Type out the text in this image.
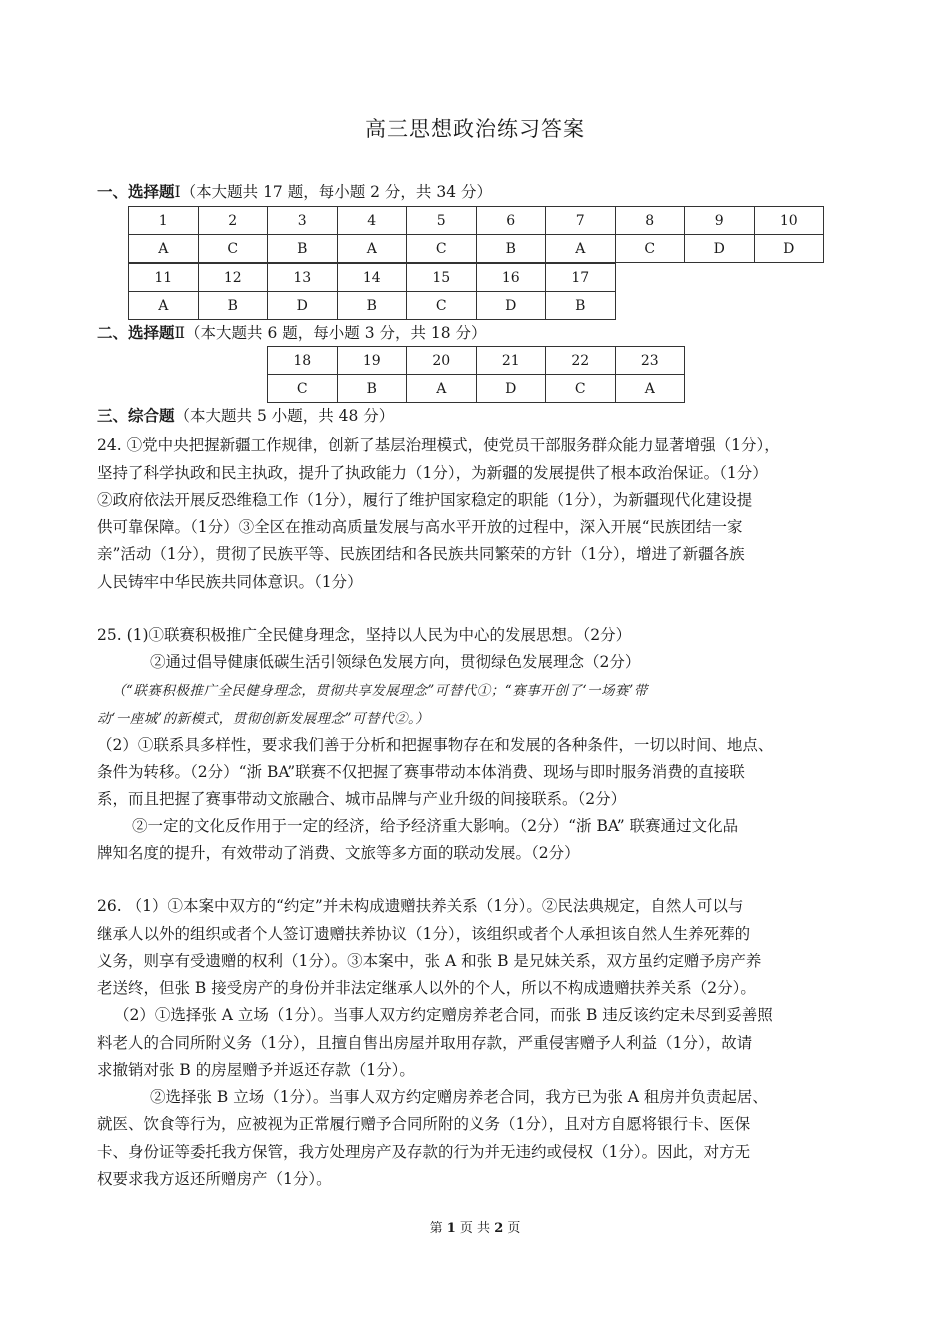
高三思想政治练习答案
一、选择题Ⅰ（本大题共 17 题，每小题 2 分，共 34 分）
1	2	3	4	5	6	7	8	9	10
A	C	B	A	C	B	A	C	D	D
11	12	13	14	15	16	17
A	B	D	B	C	D	B
二、选择题Ⅱ（本大题共 6 题，每小题 3 分，共 18 分）
18	19	20	21	22	23
C	B	A	D	C	A
三、综合题（本大题共 5 小题，共 48 分）
24. ①党中央把握新疆工作规律，创新了基层治理模式，使党员干部服务群众能力显著增强（1分），
坚持了科学执政和民主执政，提升了执政能力（1分），为新疆的发展提供了根本政治保证。（1分）
②政府依法开展反恐维稳工作（1分），履行了维护国家稳定的职能（1分），为新疆现代化建设提
供可靠保障。（1分）③全区在推动高质量发展与高水平开放的过程中，深入开展“民族团结一家
亲”活动（1分），贯彻了民族平等、民族团结和各民族共同繁荣的方针（1分），增进了新疆各族
人民铸牢中华民族共同体意识。（1分）
25. (1)①联赛积极推广全民健身理念，坚持以人民为中心的发展思想。（2分）
②通过倡导健康低碳生活引领绿色发展方向，贯彻绿色发展理念（2分）
（“联赛积极推广全民健身理念，贯彻共享发展理念”可替代①；“赛事开创了‘一场赛’带
动‘一座城’的新模式，贯彻创新发展理念”可替代②。）
（2）①联系具多样性，要求我们善于分析和把握事物存在和发展的各种条件，一切以时间、地点、
条件为转移。（2分）“浙 BA”联赛不仅把握了赛事带动本体消费、现场与即时服务消费的直接联
系，而且把握了赛事带动文旅融合、城市品牌与产业升级的间接联系。（2分）
②一定的文化反作用于一定的经济，给予经济重大影响。（2分）“浙 BA” 联赛通过文化品
牌知名度的提升，有效带动了消费、文旅等多方面的联动发展。（2分）
26. （1）①本案中双方的“约定”并未构成遗赠扶养关系（1分）。②民法典规定，自然人可以与
继承人以外的组织或者个人签订遗赠扶养协议（1分），该组织或者个人承担该自然人生养死葬的
义务，则享有受遗赠的权利（1分）。③本案中，张 A 和张 B 是兄妹关系，双方虽约定赠予房产养
老送终，但张 B 接受房产的身份并非法定继承人以外的个人，所以不构成遗赠扶养关系（2分）。
（2）①选择张 A 立场（1分）。当事人双方约定赠房养老合同，而张 B 违反该约定未尽到妥善照
料老人的合同所附义务（1分），且擅自售出房屋并取用存款，严重侵害赠予人利益（1分），故请
求撤销对张 B 的房屋赠予并返还存款（1分）。
②选择张 B 立场（1分）。当事人双方约定赠房养老合同，我方已为张 A 租房并负责起居、
就医、饮食等行为，应被视为正常履行赠予合同所附的义务（1分），且对方自愿将银行卡、医保
卡、身份证等委托我方保管，我方处理房产及存款的行为并无违约或侵权（1分）。因此，对方无
权要求我方返还所赠房产（1分）。
第 1 页 共 2 页
